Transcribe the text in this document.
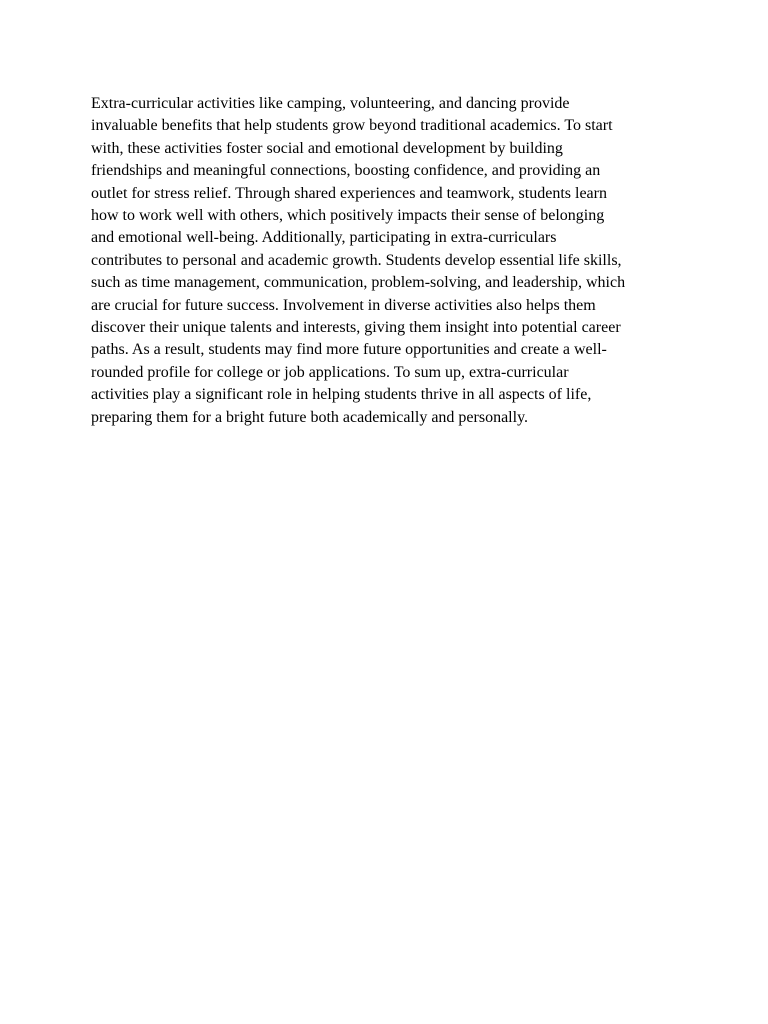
Extra-curricular activities like camping, volunteering, and dancing provide
invaluable benefits that help students grow beyond traditional academics. To start
with, these activities foster social and emotional development by building
friendships and meaningful connections, boosting confidence, and providing an
outlet for stress relief. Through shared experiences and teamwork, students learn
how to work well with others, which positively impacts their sense of belonging
and emotional well-being. Additionally, participating in extra-curriculars
contributes to personal and academic growth. Students develop essential life skills,
such as time management, communication, problem-solving, and leadership, which
are crucial for future success. Involvement in diverse activities also helps them
discover their unique talents and interests, giving them insight into potential career
paths. As a result, students may find more future opportunities and create a well-
rounded profile for college or job applications. To sum up, extra-curricular
activities play a significant role in helping students thrive in all aspects of life,
preparing them for a bright future both academically and personally.
